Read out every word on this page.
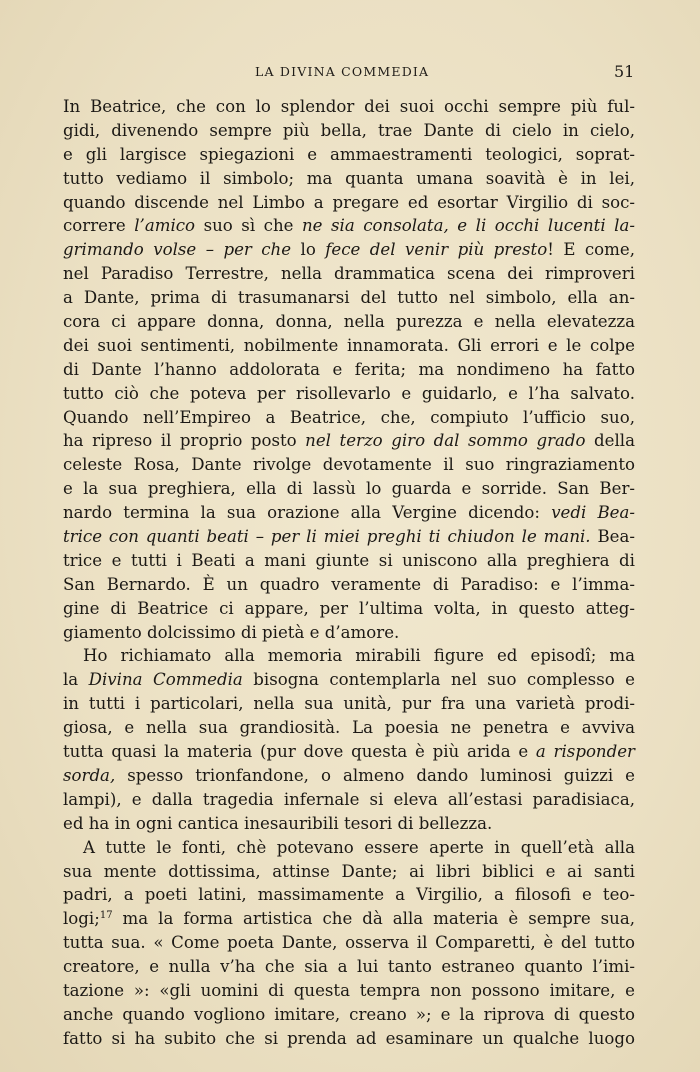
LA DIVINA COMMEDIA	51
In Beatrice, che con lo splendor dei suoi occhi sempre più ful-
gidi, divenendo sempre più bella, trae Dante di cielo in cielo,
e gli largisce spiegazioni e ammaestramenti teologici, soprat-
tutto vediamo il simbolo; ma quanta umana soavità è in lei,
quando discende nel Limbo a pregare ed esortar Virgilio di soc-
correre l’amico suo sì che ne sia consolata, e li occhi lucenti la-
grimando volse – per che lo fece del venir più presto! E come,
nel Paradiso Terrestre, nella drammatica scena dei rimproveri
a Dante, prima di trasumanarsi del tutto nel simbolo, ella an-
cora ci appare donna, donna, nella purezza e nella elevatezza
dei suoi sentimenti, nobilmente innamorata. Gli errori e le colpe
di Dante l’hanno addolorata e ferita; ma nondimeno ha fatto
tutto ciò che poteva per risollevarlo e guidarlo, e l’ha salvato.
Quando nell’Empireo a Beatrice, che, compiuto l’ufficio suo,
ha ripreso il proprio posto nel terzo giro dal sommo grado della
celeste Rosa, Dante rivolge devotamente il suo ringraziamento
e la sua preghiera, ella di lassù lo guarda e sorride. San Ber-
nardo termina la sua orazione alla Vergine dicendo: vedi Bea-
trice con quanti beati – per li miei preghi ti chiudon le mani. Bea-
trice e tutti i Beati a mani giunte si uniscono alla preghiera di
San Bernardo. È un quadro veramente di Paradiso: e l’imma-
gine di Beatrice ci appare, per l’ultima volta, in questo atteg-
giamento dolcissimo di pietà e d’amore.
Ho richiamato alla memoria mirabili figure ed episodî; ma
la Divina Commedia bisogna contemplarla nel suo complesso e
in tutti i particolari, nella sua unità, pur fra una varietà prodi-
giosa, e nella sua grandiosità. La poesia ne penetra e avviva
tutta quasi la materia (pur dove questa è più arida e a risponder
sorda, spesso trionfandone, o almeno dando luminosi guizzi e
lampi), e dalla tragedia infernale si eleva all’estasi paradisiaca,
ed ha in ogni cantica inesauribili tesori di bellezza.
A tutte le fonti, chè potevano essere aperte in quell’età alla
sua mente dottissima, attinse Dante; ai libri biblici e ai santi
padri, a poeti latini, massimamente a Virgilio, a filosofi e teo-
logi;$^{17}$ ma la forma artistica che dà alla materia è sempre sua,
tutta sua. « Come poeta Dante, osserva il Comparetti, è del tutto
creatore, e nulla v’ha che sia a lui tanto estraneo quanto l’imi-
tazione »: «gli uomini di questa tempra non possono imitare, e
anche quando vogliono imitare, creano »; e la riprova di questo
fatto si ha subito che si prenda ad esaminare un qualche luogo
